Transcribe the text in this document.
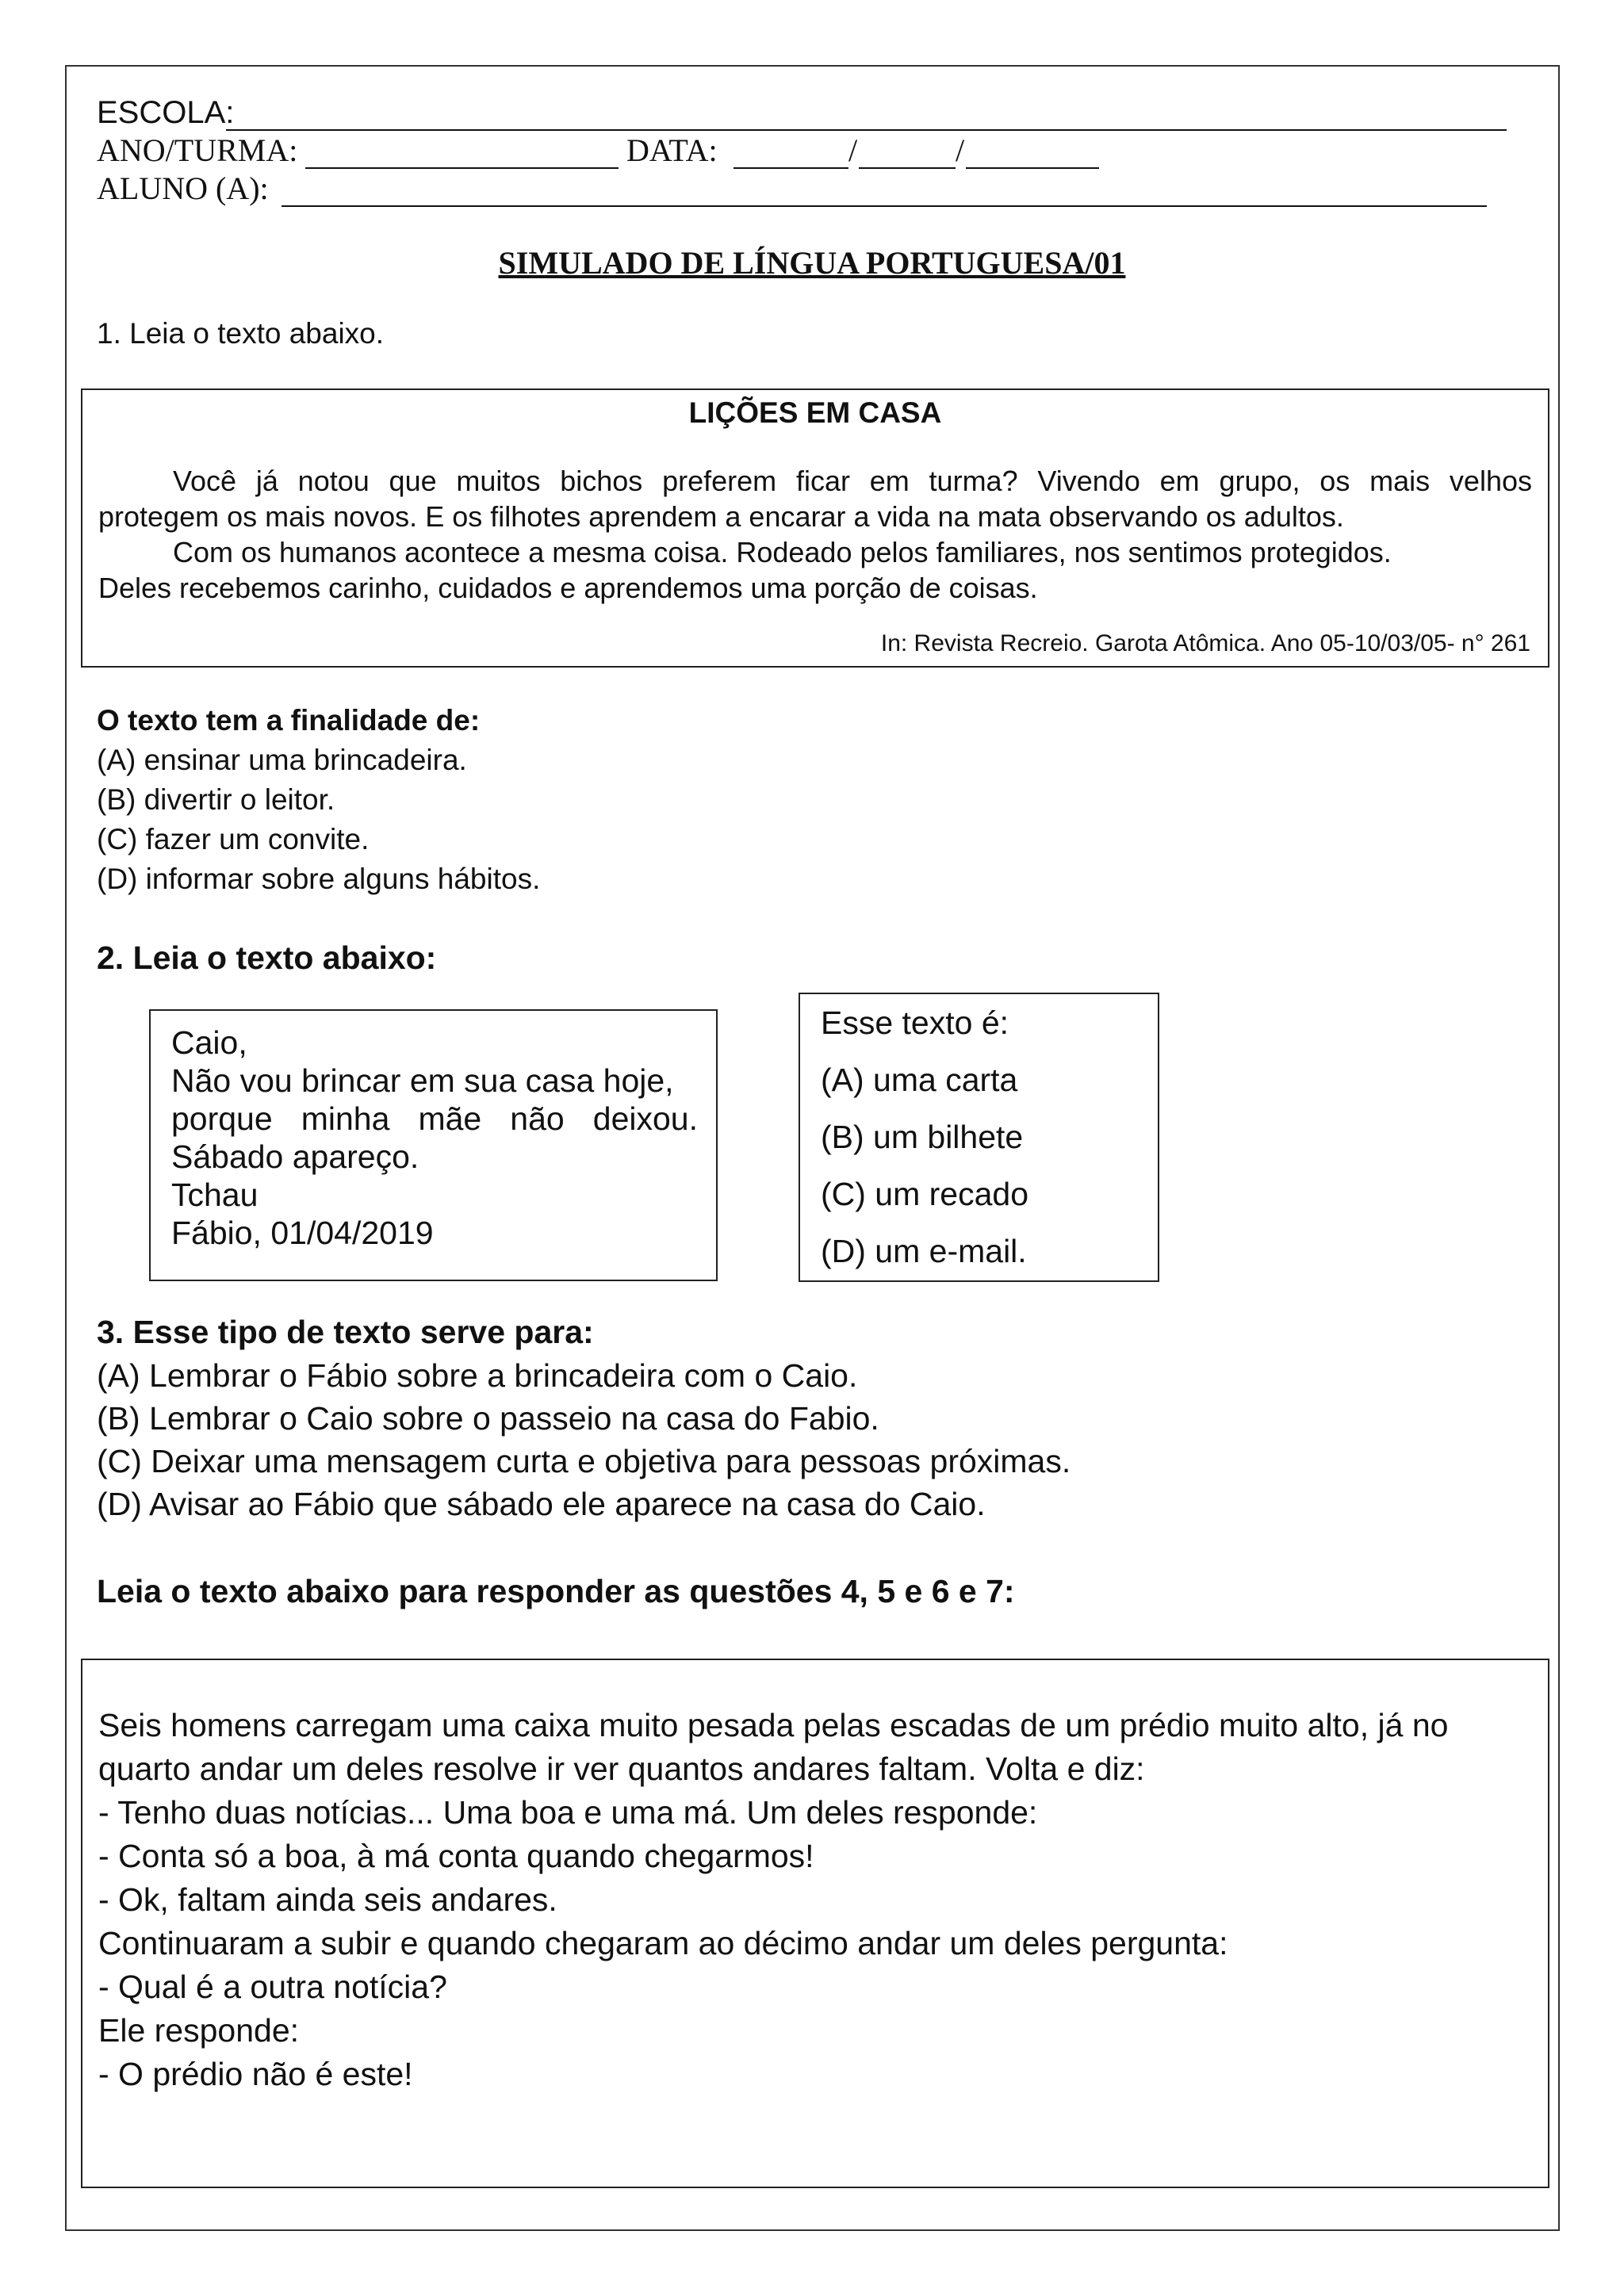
ESCOLA:
ANO/TURMA:	DATA:	/	/
ALUNO (A):
SIMULADO DE LÍNGUA PORTUGUESA/01
1. Leia o texto abaixo.
LIÇÕES EM CASA
Você já notou que muitos bichos preferem ficar em turma? Vivendo em grupo, os mais velhos
protegem os mais novos. E os filhotes aprendem a encarar a vida na mata observando os adultos.
Com os humanos acontece a mesma coisa. Rodeado pelos familiares, nos sentimos protegidos.
Deles recebemos carinho, cuidados e aprendemos uma porção de coisas.
In: Revista Recreio. Garota Atômica. Ano 05-10/03/05- n° 261
O texto tem a finalidade de:
(A) ensinar uma brincadeira.
(B) divertir o leitor.
(C) fazer um convite.
(D) informar sobre alguns hábitos.
2. Leia o texto abaixo:
Caio,
Não vou brincar em sua casa hoje,
porque minha mãe não deixou.
Sábado apareço.
Tchau
Fábio, 01/04/2019
Esse texto é:
(A) uma carta
(B) um bilhete
(C) um recado
(D) um e-mail.
3. Esse tipo de texto serve para:
(A) Lembrar o Fábio sobre a brincadeira com o Caio.
(B) Lembrar o Caio sobre o passeio na casa do Fabio.
(C) Deixar uma mensagem curta e objetiva para pessoas próximas.
(D) Avisar ao Fábio que sábado ele aparece na casa do Caio.
Leia o texto abaixo para responder as questões 4, 5 e 6 e 7:
Seis homens carregam uma caixa muito pesada pelas escadas de um prédio muito alto, já no
quarto andar um deles resolve ir ver quantos andares faltam. Volta e diz:
- Tenho duas notícias... Uma boa e uma má. Um deles responde:
- Conta só a boa, à má conta quando chegarmos!
- Ok, faltam ainda seis andares.
Continuaram a subir e quando chegaram ao décimo andar um deles pergunta:
- Qual é a outra notícia?
Ele responde:
- O prédio não é este!
